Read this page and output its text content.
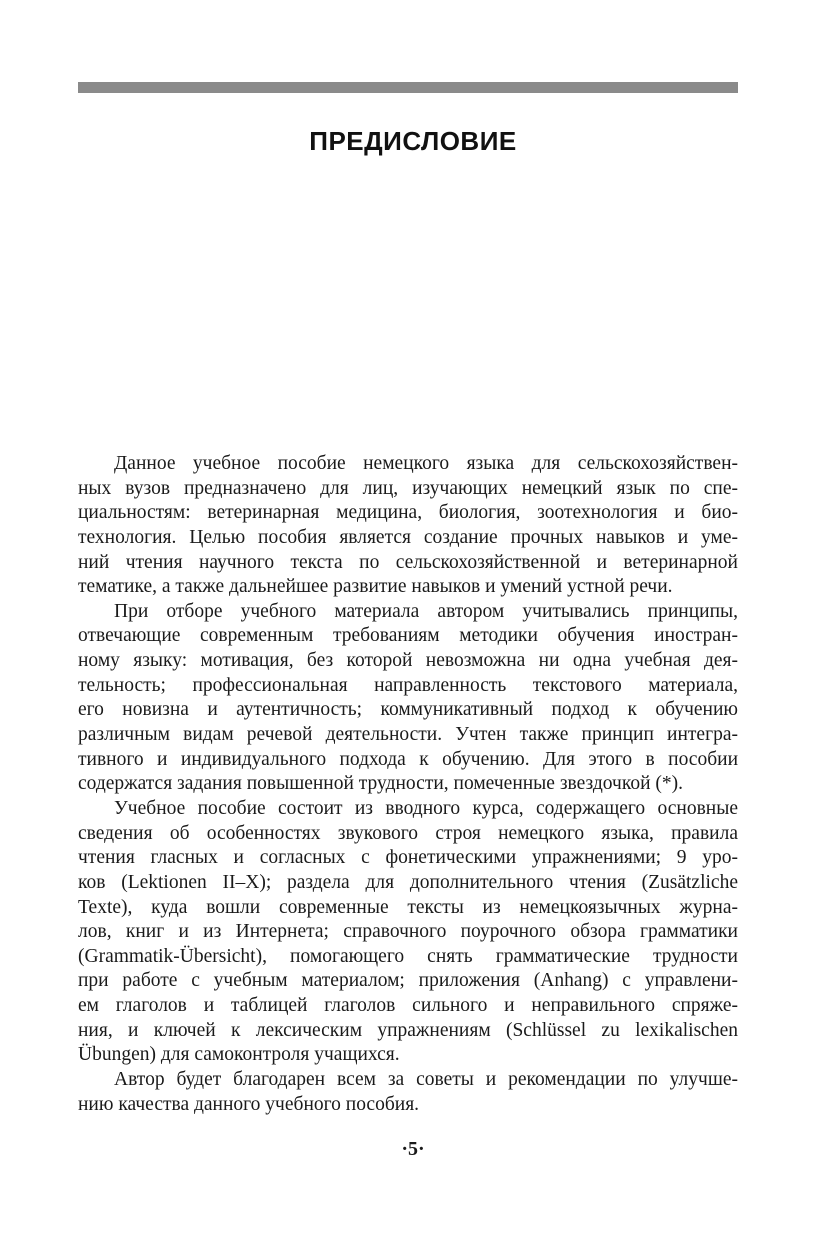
ПРЕДИСЛОВИЕ
Данное учебное пособие немецкого языка для сельскохозяйствен-
ных вузов предназначено для лиц, изучающих немецкий язык по спе-
циальностям: ветеринарная медицина, биология, зоотехнология и био-
технология. Целью пособия является создание прочных навыков и уме-
ний чтения научного текста по сельскохозяйственной и ветеринарной
тематике, а также дальнейшее развитие навыков и умений устной речи.
При отборе учебного материала автором учитывались принципы,
отвечающие современным требованиям методики обучения иностран-
ному языку: мотивация, без которой невозможна ни одна учебная дея-
тельность; профессиональная направленность текстового материала,
его новизна и аутентичность; коммуникативный подход к обучению
различным видам речевой деятельности. Учтен также принцип интегра-
тивного и индивидуального подхода к обучению. Для этого в пособии
содержатся задания повышенной трудности, помеченные звездочкой (*).
Учебное пособие состоит из вводного курса, содержащего основные
сведения об особенностях звукового строя немецкого языка, правила
чтения гласных и согласных с фонетическими упражнениями; 9 уро-
ков (Lektionen II–X); раздела для дополнительного чтения (Zusätzliche
Texte), куда вошли современные тексты из немецкоязычных журна-
лов, книг и из Интернета; справочного поурочного обзора грамматики
(Grammatik-Übersicht), помогающего снять грамматические трудности
при работе с учебным материалом; приложения (Anhang) с управлени-
ем глаголов и таблицей глаголов сильного и неправильного спряже-
ния, и ключей к лексическим упражнениям (Schlüssel zu lexikalischen
Übungen) для самоконтроля учащихся.
Автор будет благодарен всем за советы и рекомендации по улучше-
нию качества данного учебного пособия.
·5·
